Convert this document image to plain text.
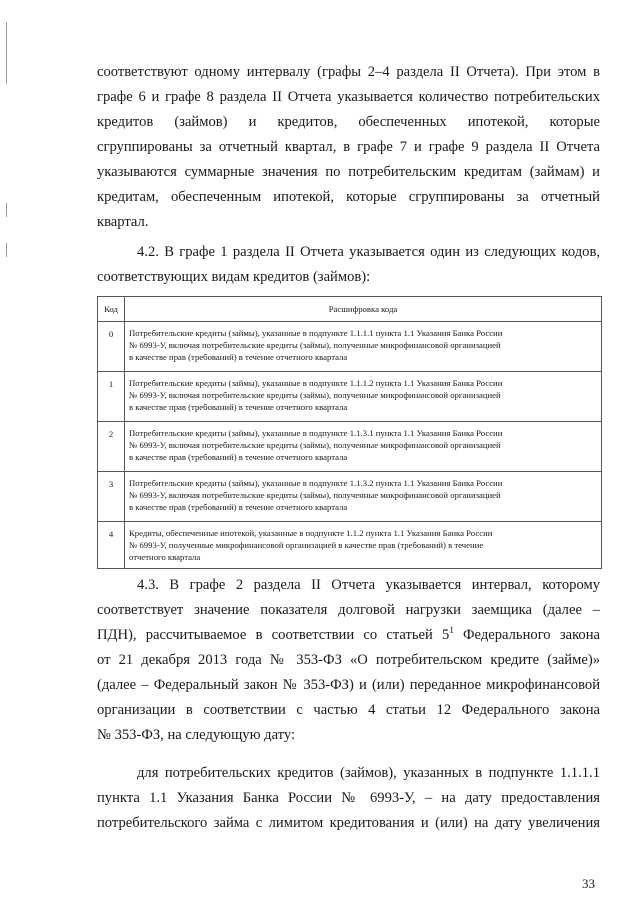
соответствуют одному интервалу (графы 2–4 раздела II Отчета). При этом в
графе 6 и графе 8 раздела II Отчета указывается количество потребительских
кредитов (займов) и кредитов, обеспеченных ипотекой, которые
сгруппированы за отчетный квартал, в графе 7 и графе 9 раздела II Отчета
указываются суммарные значения по потребительским кредитам (займам) и
кредитам, обеспеченным ипотекой, которые сгруппированы за отчетный
квартал.
4.2. В графе 1 раздела II Отчета указывается один из следующих кодов,
соответствующих видам кредитов (займов):
Код	Расшифровка кода
0	Потребительские кредиты (займы), указанные в подпункте 1.1.1.1 пункта 1.1 Указания Банка России
№ 6993-У, включая потребительские кредиты (займы), полученные микрофинансовой организацией
в качестве прав (требований) в течение отчетного квартала

1	Потребительские кредиты (займы), указанные в подпункте 1.1.1.2 пункта 1.1 Указания Банка России
№ 6993-У, включая потребительские кредиты (займы), полученные микрофинансовой организацией
в качестве прав (требований) в течение отчетного квартала

2	Потребительские кредиты (займы), указанные в подпункте 1.1.3.1 пункта 1.1 Указания Банка России
№ 6993-У, включая потребительские кредиты (займы), полученные микрофинансовой организацией
в качестве прав (требований) в течение отчетного квартала

3	Потребительские кредиты (займы), указанные в подпункте 1.1.3.2 пункта 1.1 Указания Банка России
№ 6993-У, включая потребительские кредиты (займы), полученные микрофинансовой организацией
в качестве прав (требований) в течение отчетного квартала

4	Кредиты, обеспеченные ипотекой, указанные в подпункте 1.1.2 пункта 1.1 Указания Банка России
№ 6993-У, полученные микрофинансовой организацией в качестве прав (требований) в течение
отчетного квартала
4.3. В графе 2 раздела II Отчета указывается интервал, которому
соответствует значение показателя долговой нагрузки заемщика (далее –
ПДН), рассчитываемое в соответствии со статьей $5^1$ Федерального закона
от 21 декабря 2013 года № 353-ФЗ «О потребительском кредите (займе)»
(далее – Федеральный закон № 353-ФЗ) и (или) переданное микрофинансовой
организации в соответствии с частью 4 статьи 12 Федерального закона
№ 353-ФЗ, на следующую дату:
для потребительских кредитов (займов), указанных в подпункте 1.1.1.1
пункта 1.1 Указания Банка России № 6993-У, – на дату предоставления
потребительского займа с лимитом кредитования и (или) на дату увеличения
33
